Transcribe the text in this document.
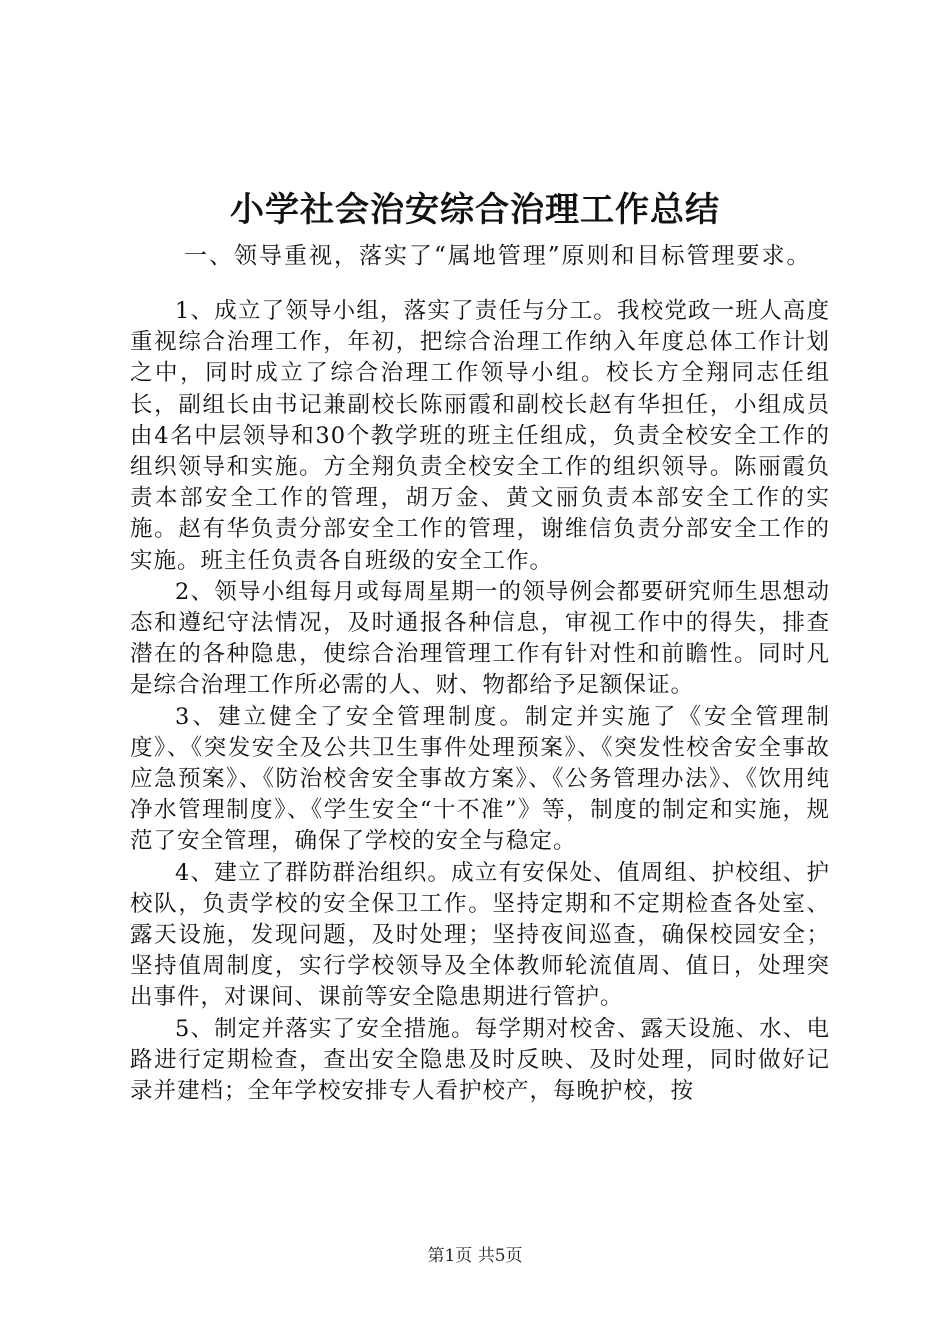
小学社会治安综合治理工作总结
一、领导重视，落实了“属地管理”原则和目标管理要求。

1、成立了领导小组，落实了责任与分工。我校党政一班人高度重视综合治理工作，年初，把综合治理工作纳入年度总体工作计划之中，同时成立了综合治理工作领导小组。校长方全翔同志任组长，副组长由书记兼副校长陈丽霞和副校长赵有华担任，小组成员由4名中层领导和30个教学班的班主任组成，负责全校安全工作的组织领导和实施。方全翔负责全校安全工作的组织领导。陈丽霞负责本部安全工作的管理，胡万金、黄文丽负责本部安全工作的实施。赵有华负责分部安全工作的管理，谢维信负责分部安全工作的实施。班主任负责各自班级的安全工作。

2、领导小组每月或每周星期一的领导例会都要研究师生思想动态和遵纪守法情况，及时通报各种信息，审视工作中的得失，排查潜在的各种隐患，使综合治理管理工作有针对性和前瞻性。同时凡是综合治理工作所必需的人、财、物都给予足额保证。

3、建立健全了安全管理制度。制定并实施了《安全管理制度》、《突发安全及公共卫生事件处理预案》、《突发性校舍安全事故应急预案》、《防治校舍安全事故方案》、《公务管理办法》、《饮用纯净水管理制度》、《学生安全“十不准”》等，制度的制定和实施，规范了安全管理，确保了学校的安全与稳定。

4、建立了群防群治组织。成立有安保处、值周组、护校组、护校队，负责学校的安全保卫工作。坚持定期和不定期检查各处室、露天设施，发现问题，及时处理；坚持夜间巡查，确保校园安全；坚持值周制度，实行学校领导及全体教师轮流值周、值日，处理突出事件，对课间、课前等安全隐患期进行管护。

5、制定并落实了安全措施。每学期对校舍、露天设施、水、电路进行定期检查，查出安全隐患及时反映、及时处理，同时做好记录并建档；全年学校安排专人看护校产，每晚护校，按

第1页 共5页
